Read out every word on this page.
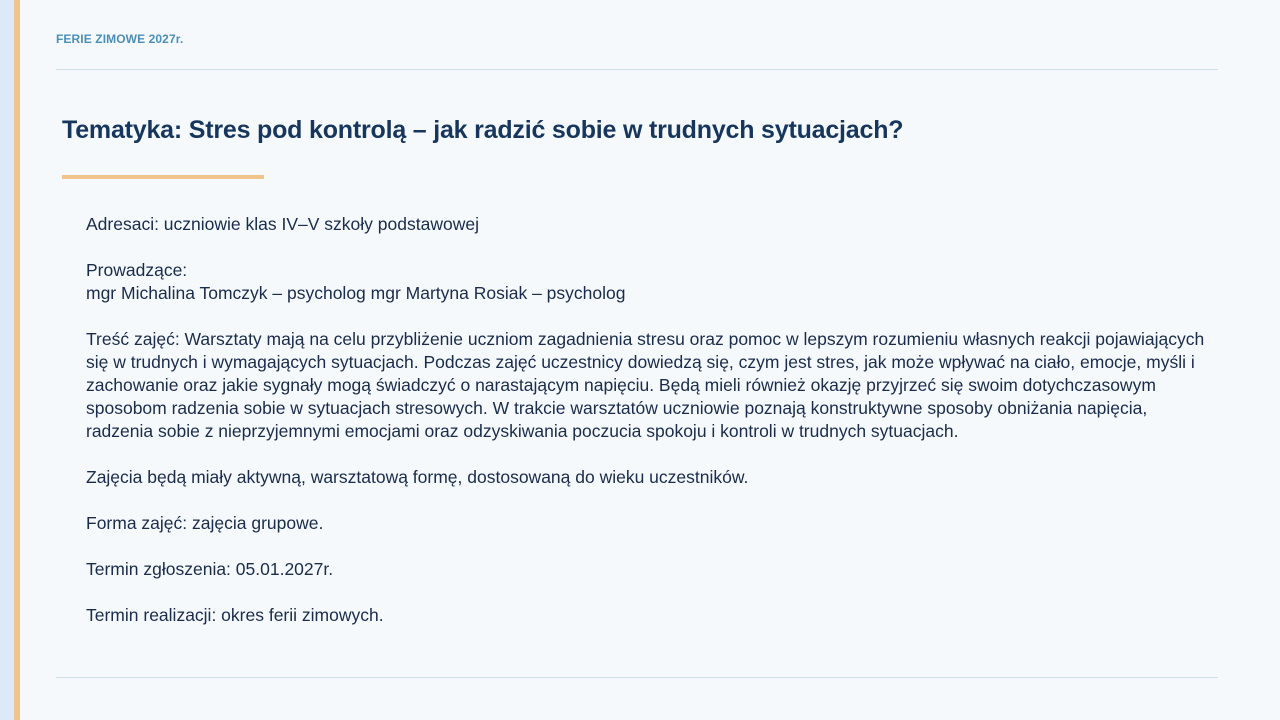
FERIE ZIMOWE 2027r.
Tematyka: Stres pod kontrolą – jak radzić sobie w trudnych sytuacjach?

Adresaci: uczniowie klas IV–V szkoły podstawowej

Prowadzące:
mgr Michalina Tomczyk – psycholog mgr Martyna Rosiak – psycholog

Treść zajęć: Warsztaty mają na celu przybliżenie uczniom zagadnienia stresu oraz pomoc w lepszym rozumieniu własnych reakcji pojawiających się w trudnych i wymagających sytuacjach. Podczas zajęć uczestnicy dowiedzą się, czym jest stres, jak może wpływać na ciało, emocje, myśli i zachowanie oraz jakie sygnały mogą świadczyć o narastającym napięciu. Będą mieli również okazję przyjrzeć się swoim dotychczasowym sposobom radzenia sobie w sytuacjach stresowych. W trakcie warsztatów uczniowie poznają konstruktywne sposoby obniżania napięcia, radzenia sobie z nieprzyjemnymi emocjami oraz odzyskiwania poczucia spokoju i kontroli w trudnych sytuacjach.

Zajęcia będą miały aktywną, warsztatową formę, dostosowaną do wieku uczestników.

Forma zajęć: zajęcia grupowe.

Termin zgłoszenia: 05.01.2027r.

Termin realizacji: okres ferii zimowych.
